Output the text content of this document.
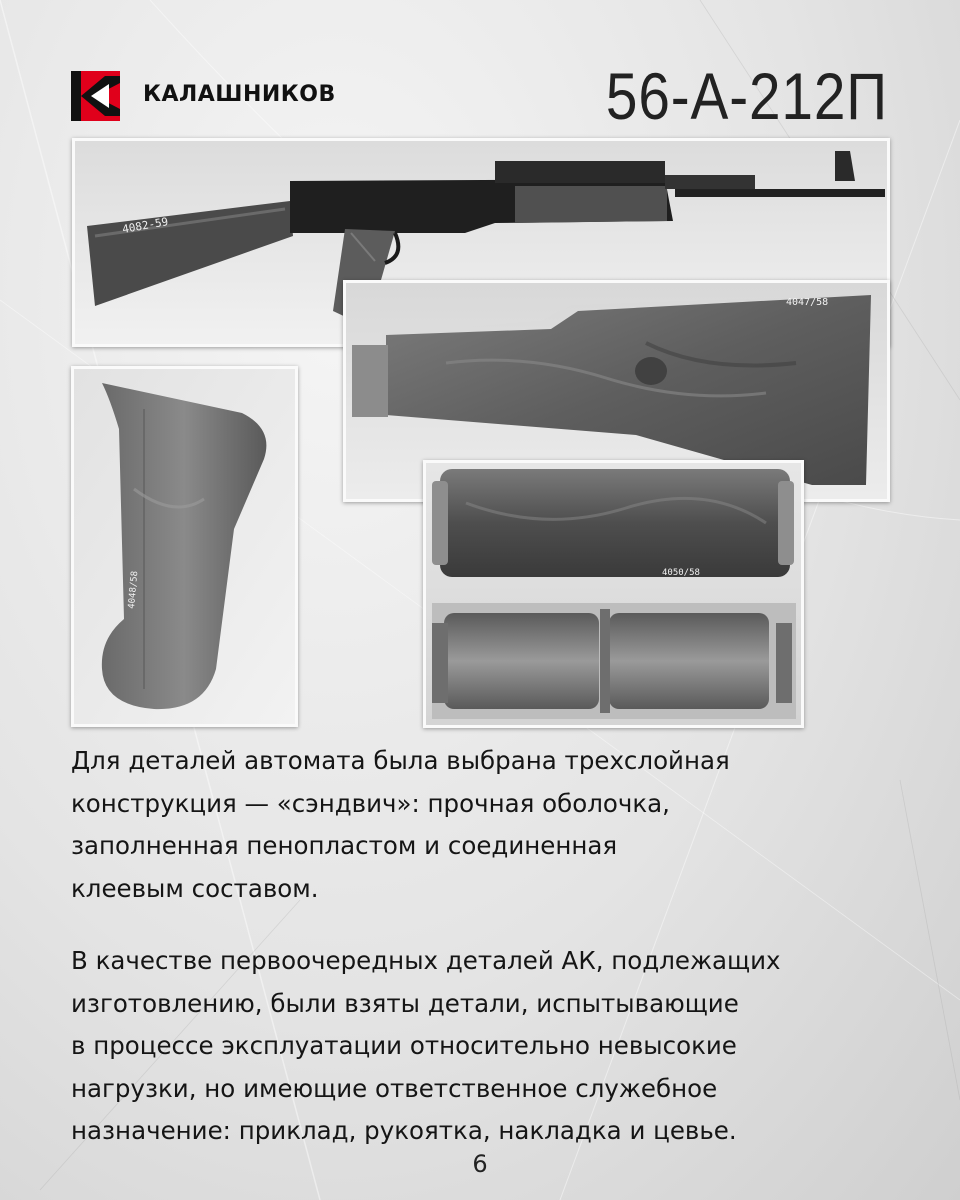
КАЛАШНИКОВ	56-А-212П
4082-59
4047/58
4048/58	4050/58

Для деталей автомата была выбрана трехслойная
конструкция — «сэндвич»: прочная оболочка,
заполненная пенопластом и соединенная
клеевым составом.

В качестве первоочередных деталей АК, подлежащих
изготовлению, были взяты детали, испытывающие
в процессе эксплуатации относительно невысокие
нагрузки, но имеющие ответственное служебное
назначение: приклад, рукоятка, накладка и цевье.

6
